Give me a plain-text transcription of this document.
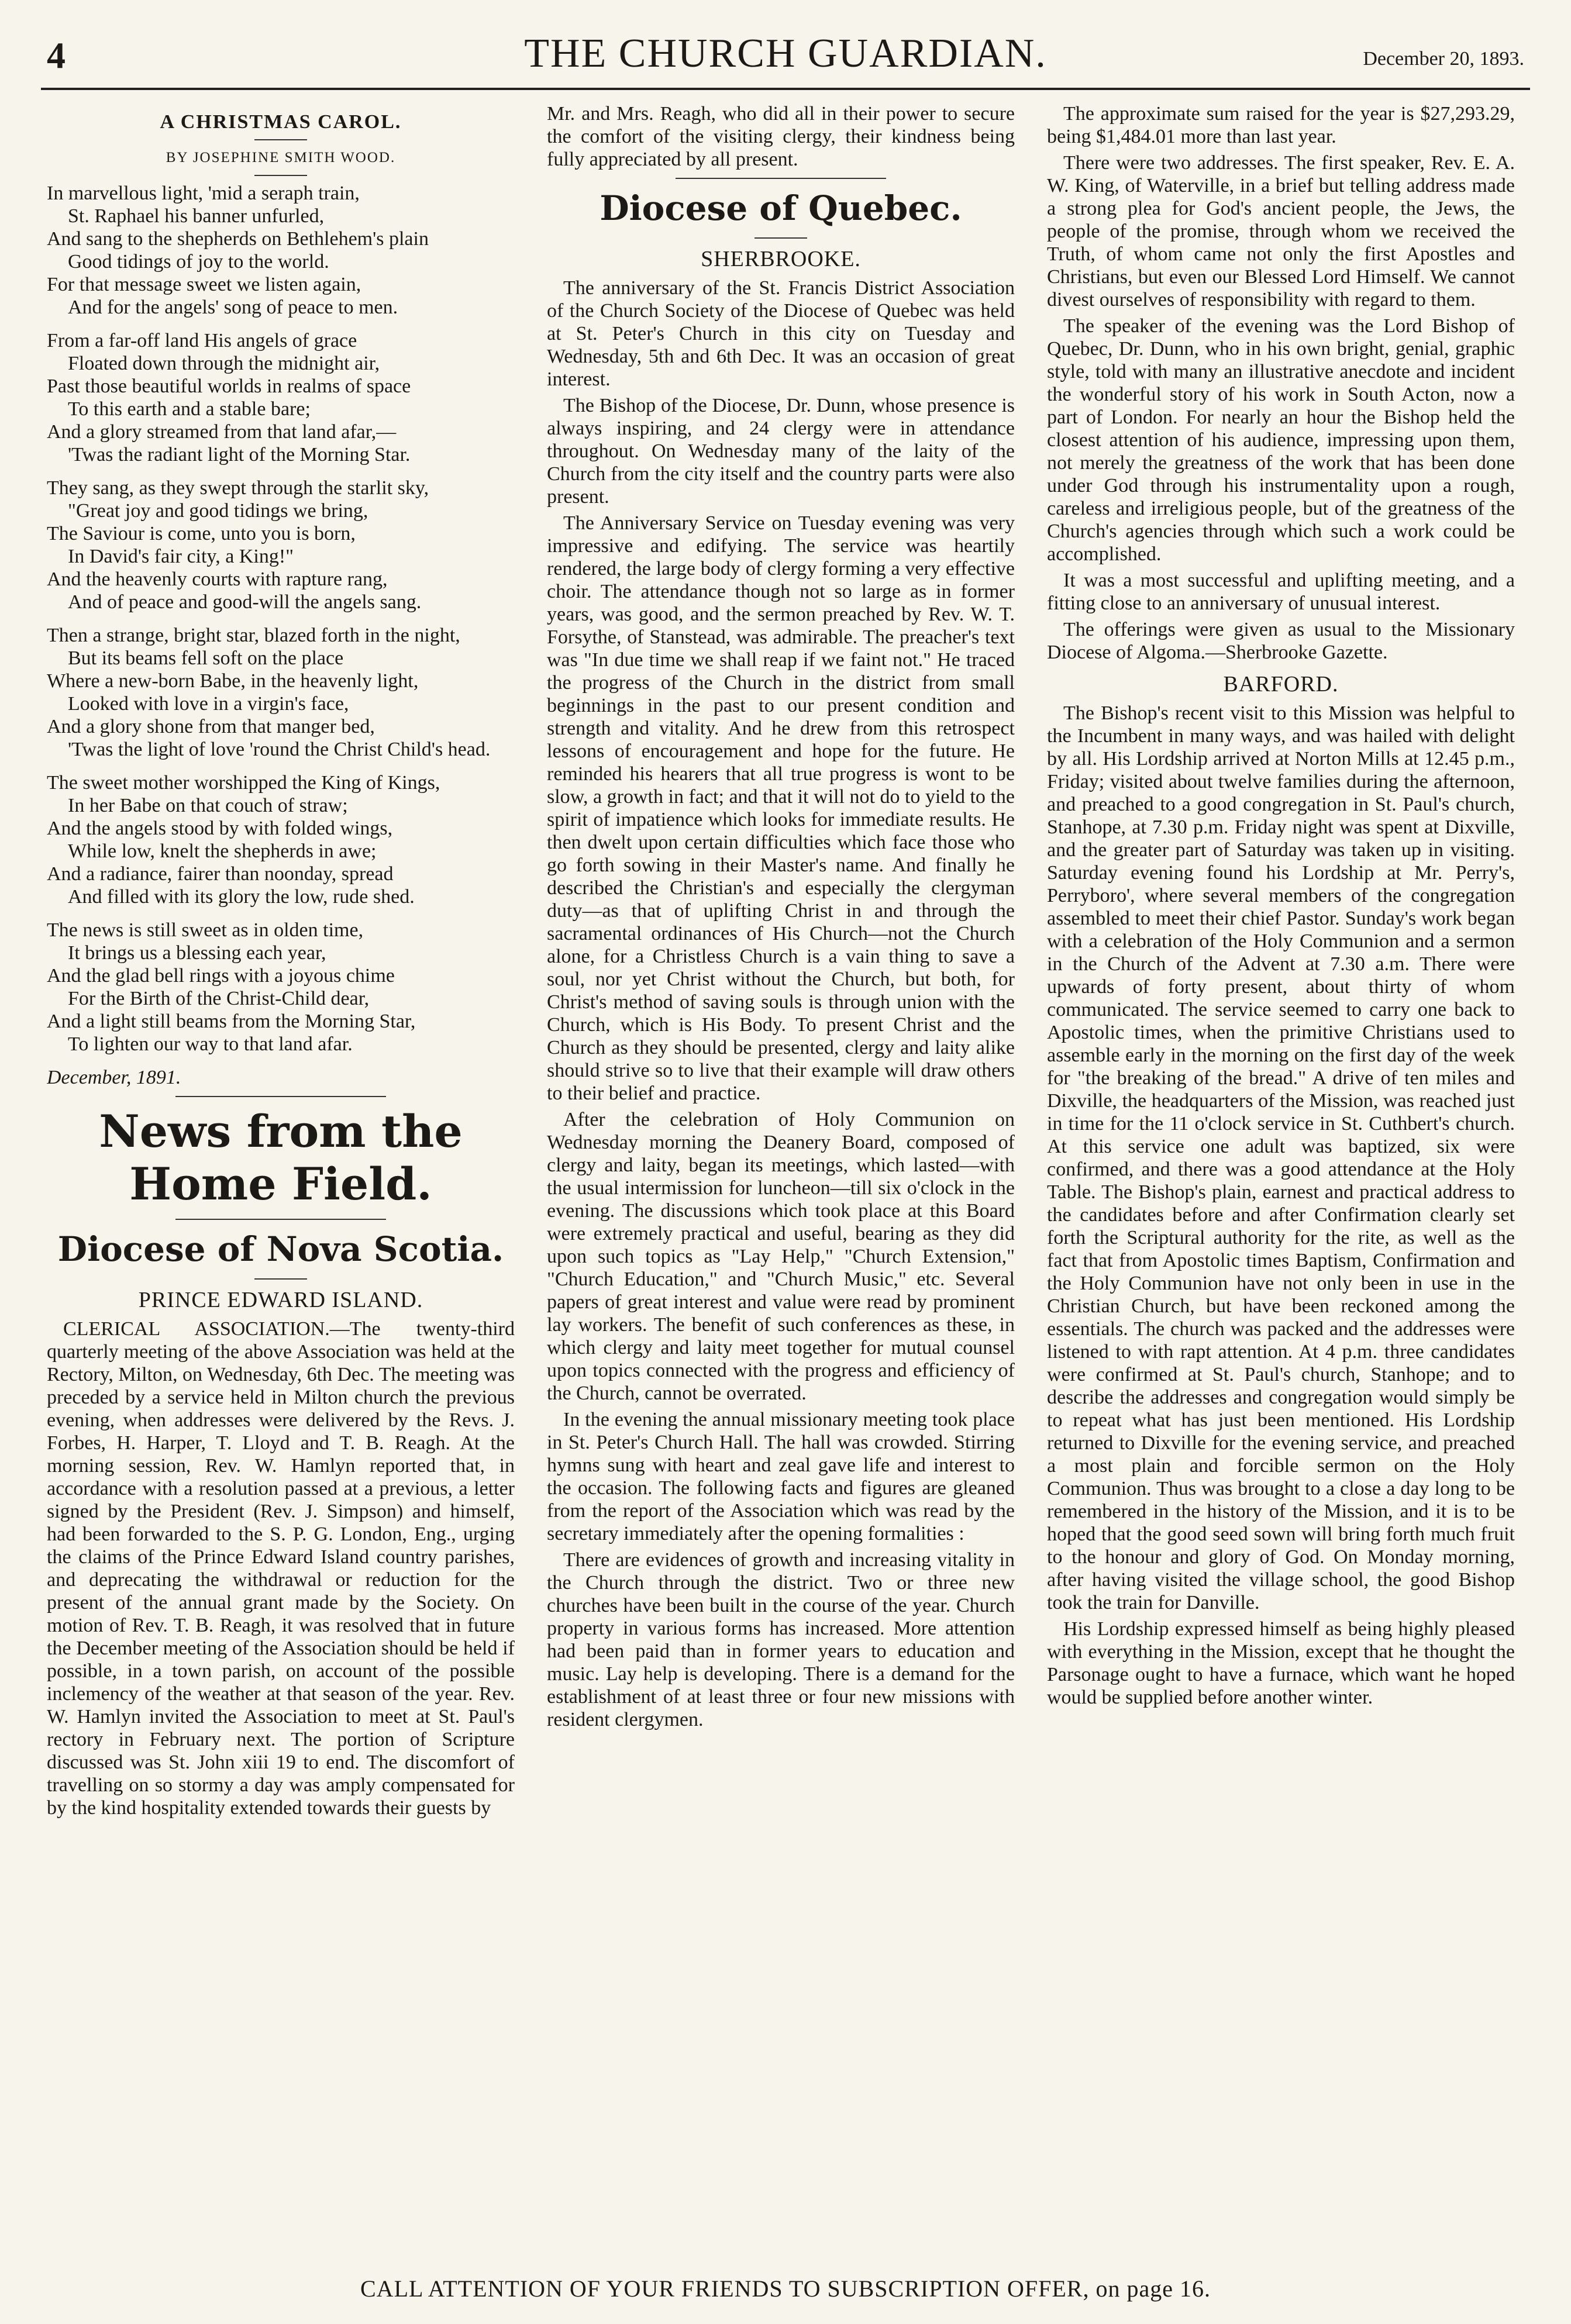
4	THE CHURCH GUARDIAN.	December 20, 1893.
A CHRISTMAS CAROL.
BY JOSEPHINE SMITH WOOD.
In marvellous light, 'mid a seraph train,
St. Raphael his banner unfurled,
And sang to the shepherds on Bethlehem's plain
Good tidings of joy to the world.
For that message sweet we listen again,
And for the angels' song of peace to men.
From a far-off land His angels of grace
Floated down through the midnight air,
Past those beautiful worlds in realms of space
To this earth and a stable bare;
And a glory streamed from that land afar,—
'Twas the radiant light of the Morning Star.
They sang, as they swept through the starlit sky,
"Great joy and good tidings we bring,
The Saviour is come, unto you is born,
In David's fair city, a King!"
And the heavenly courts with rapture rang,
And of peace and good-will the angels sang.
Then a strange, bright star, blazed forth in the night,
But its beams fell soft on the place
Where a new-born Babe, in the heavenly light,
Looked with love in a virgin's face,
And a glory shone from that manger bed,
'Twas the light of love 'round the Christ Child's head.
The sweet mother worshipped the King of Kings,
In her Babe on that couch of straw;
And the angels stood by with folded wings,
While low, knelt the shepherds in awe;
And a radiance, fairer than noonday, spread
And filled with its glory the low, rude shed.
The news is still sweet as in olden time,
It brings us a blessing each year,
And the glad bell rings with a joyous chime
For the Birth of the Christ-Child dear,
And a light still beams from the Morning Star,
To lighten our way to that land afar.
December, 1891.
News from the Home Field.
Diocese of Nova Scotia.
PRINCE EDWARD ISLAND.

CLERICAL ASSOCIATION.—The twenty-third quarterly meeting of the above Association was held at the Rectory, Milton, on Wednesday, 6th Dec. The meeting was preceded by a service held in Milton church the previous evening, when addresses were delivered by the Revs. J. Forbes, H. Harper, T. Lloyd and T. B. Reagh. At the morning session, Rev. W. Hamlyn reported that, in accordance with a resolution passed at a previous, a letter signed by the President (Rev. J. Simpson) and himself, had been forwarded to the S. P. G. London, Eng., urging the claims of the Prince Edward Island country parishes, and deprecating the withdrawal or reduction for the present of the annual grant made by the Society. On motion of Rev. T. B. Reagh, it was resolved that in future the December meeting of the Association should be held if possible, in a town parish, on account of the possible inclemency of the weather at that season of the year. Rev. W. Hamlyn invited the Association to meet at St. Paul's rectory in February next. The portion of Scripture discussed was St. John xiii 19 to end. The discomfort of travelling on so stormy a day was amply compensated for by the kind hospitality extended towards their guests by

Mr. and Mrs. Reagh, who did all in their power to secure the comfort of the visiting clergy, their kindness being fully appreciated by all present.

Diocese of Quebec.
SHERBROOKE.

The anniversary of the St. Francis District Association of the Church Society of the Diocese of Quebec was held at St. Peter's Church in this city on Tuesday and Wednesday, 5th and 6th Dec. It was an occasion of great interest.

The Bishop of the Diocese, Dr. Dunn, whose presence is always inspiring, and 24 clergy were in attendance throughout. On Wednesday many of the laity of the Church from the city itself and the country parts were also present.

The Anniversary Service on Tuesday evening was very impressive and edifying. The service was heartily rendered, the large body of clergy forming a very effective choir. The attendance though not so large as in former years, was good, and the sermon preached by Rev. W. T. Forsythe, of Stanstead, was admirable. The preacher's text was "In due time we shall reap if we faint not." He traced the progress of the Church in the district from small beginnings in the past to our present condition and strength and vitality. And he drew from this retrospect lessons of encouragement and hope for the future. He reminded his hearers that all true progress is wont to be slow, a growth in fact; and that it will not do to yield to the spirit of impatience which looks for immediate results. He then dwelt upon certain difficulties which face those who go forth sowing in their Master's name. And finally he described the Christian's and especially the clergyman duty—as that of uplifting Christ in and through the sacramental ordinances of His Church—not the Church alone, for a Christless Church is a vain thing to save a soul, nor yet Christ without the Church, but both, for Christ's method of saving souls is through union with the Church, which is His Body. To present Christ and the Church as they should be presented, clergy and laity alike should strive so to live that their example will draw others to their belief and practice.

After the celebration of Holy Communion on Wednesday morning the Deanery Board, composed of clergy and laity, began its meetings, which lasted—with the usual intermission for luncheon—till six o'clock in the evening. The discussions which took place at this Board were extremely practical and useful, bearing as they did upon such topics as "Lay Help," "Church Extension," "Church Education," and "Church Music," etc. Several papers of great interest and value were read by prominent lay workers. The benefit of such conferences as these, in which clergy and laity meet together for mutual counsel upon topics connected with the progress and efficiency of the Church, cannot be overrated.

In the evening the annual missionary meeting took place in St. Peter's Church Hall. The hall was crowded. Stirring hymns sung with heart and zeal gave life and interest to the occasion. The following facts and figures are gleaned from the report of the Association which was read by the secretary immediately after the opening formalities :

There are evidences of growth and increasing vitality in the Church through the district. Two or three new churches have been built in the course of the year. Church property in various forms has increased. More attention had been paid than in former years to education and music. Lay help is developing. There is a demand for the establishment of at least three or four new missions with resident clergymen.

The approximate sum raised for the year is $27,293.29, being $1,484.01 more than last year.

There were two addresses. The first speaker, Rev. E. A. W. King, of Waterville, in a brief but telling address made a strong plea for God's ancient people, the Jews, the people of the promise, through whom we received the Truth, of whom came not only the first Apostles and Christians, but even our Blessed Lord Himself. We cannot divest ourselves of responsibility with regard to them.

The speaker of the evening was the Lord Bishop of Quebec, Dr. Dunn, who in his own bright, genial, graphic style, told with many an illustrative anecdote and incident the wonderful story of his work in South Acton, now a part of London. For nearly an hour the Bishop held the closest attention of his audience, impressing upon them, not merely the greatness of the work that has been done under God through his instrumentality upon a rough, careless and irreligious people, but of the greatness of the Church's agencies through which such a work could be accomplished.

It was a most successful and uplifting meeting, and a fitting close to an anniversary of unusual interest.

The offerings were given as usual to the Missionary Diocese of Algoma.—Sherbrooke Gazette.

BARFORD.

The Bishop's recent visit to this Mission was helpful to the Incumbent in many ways, and was hailed with delight by all. His Lordship arrived at Norton Mills at 12.45 p.m., Friday; visited about twelve families during the afternoon, and preached to a good congregation in St. Paul's church, Stanhope, at 7.30 p.m. Friday night was spent at Dixville, and the greater part of Saturday was taken up in visiting. Saturday evening found his Lordship at Mr. Perry's, Perryboro', where several members of the congregation assembled to meet their chief Pastor. Sunday's work began with a celebration of the Holy Communion and a sermon in the Church of the Advent at 7.30 a.m. There were upwards of forty present, about thirty of whom communicated. The service seemed to carry one back to Apostolic times, when the primitive Christians used to assemble early in the morning on the first day of the week for "the breaking of the bread." A drive of ten miles and Dixville, the headquarters of the Mission, was reached just in time for the 11 o'clock service in St. Cuthbert's church. At this service one adult was baptized, six were confirmed, and there was a good attendance at the Holy Table. The Bishop's plain, earnest and practical address to the candidates before and after Confirmation clearly set forth the Scriptural authority for the rite, as well as the fact that from Apostolic times Baptism, Confirmation and the Holy Communion have not only been in use in the Christian Church, but have been reckoned among the essentials. The church was packed and the addresses were listened to with rapt attention. At 4 p.m. three candidates were confirmed at St. Paul's church, Stanhope; and to describe the addresses and congregation would simply be to repeat what has just been mentioned. His Lordship returned to Dixville for the evening service, and preached a most plain and forcible sermon on the Holy Communion. Thus was brought to a close a day long to be remembered in the history of the Mission, and it is to be hoped that the good seed sown will bring forth much fruit to the honour and glory of God. On Monday morning, after having visited the village school, the good Bishop took the train for Danville.

His Lordship expressed himself as being highly pleased with everything in the Mission, except that he thought the Parsonage ought to have a furnace, which want he hoped would be supplied before another winter.

CALL ATTENTION OF YOUR FRIENDS TO SUBSCRIPTION OFFER, on page 16.
